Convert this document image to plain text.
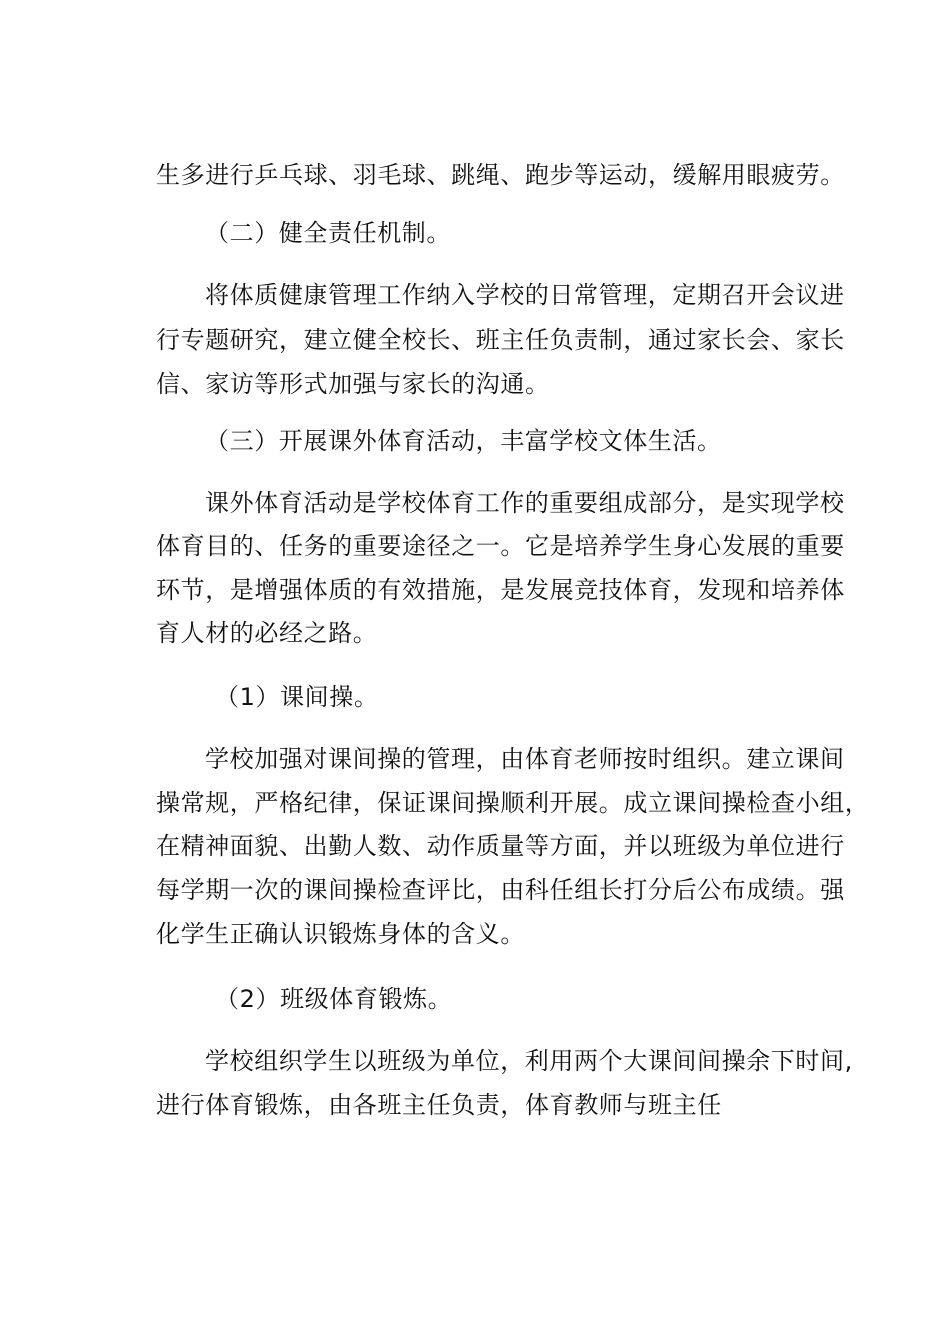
生多进行乒乓球、羽毛球、跳绳、跑步等运动，缓解用眼疲劳。
（二）健全责任机制。
将体质健康管理工作纳入学校的日常管理，定期召开会议进
行专题研究，建立健全校长、班主任负责制，通过家长会、家长
信、家访等形式加强与家长的沟通。
（三）开展课外体育活动，丰富学校文体生活。
课外体育活动是学校体育工作的重要组成部分，是实现学校
体育目的、任务的重要途径之一。它是培养学生身心发展的重要
环节，是增强体质的有效措施，是发展竞技体育，发现和培养体
育人材的必经之路。
（1）课间操。
学校加强对课间操的管理，由体育老师按时组织。建立课间
操常规，严格纪律，保证课间操顺利开展。成立课间操检查小组，
在精神面貌、出勤人数、动作质量等方面，并以班级为单位进行
每学期一次的课间操检查评比，由科任组长打分后公布成绩。强
化学生正确认识锻炼身体的含义。
（2）班级体育锻炼。
学校组织学生以班级为单位，利用两个大课间间操余下时间,
进行体育锻炼，由各班主任负责，体育教师与班主任
